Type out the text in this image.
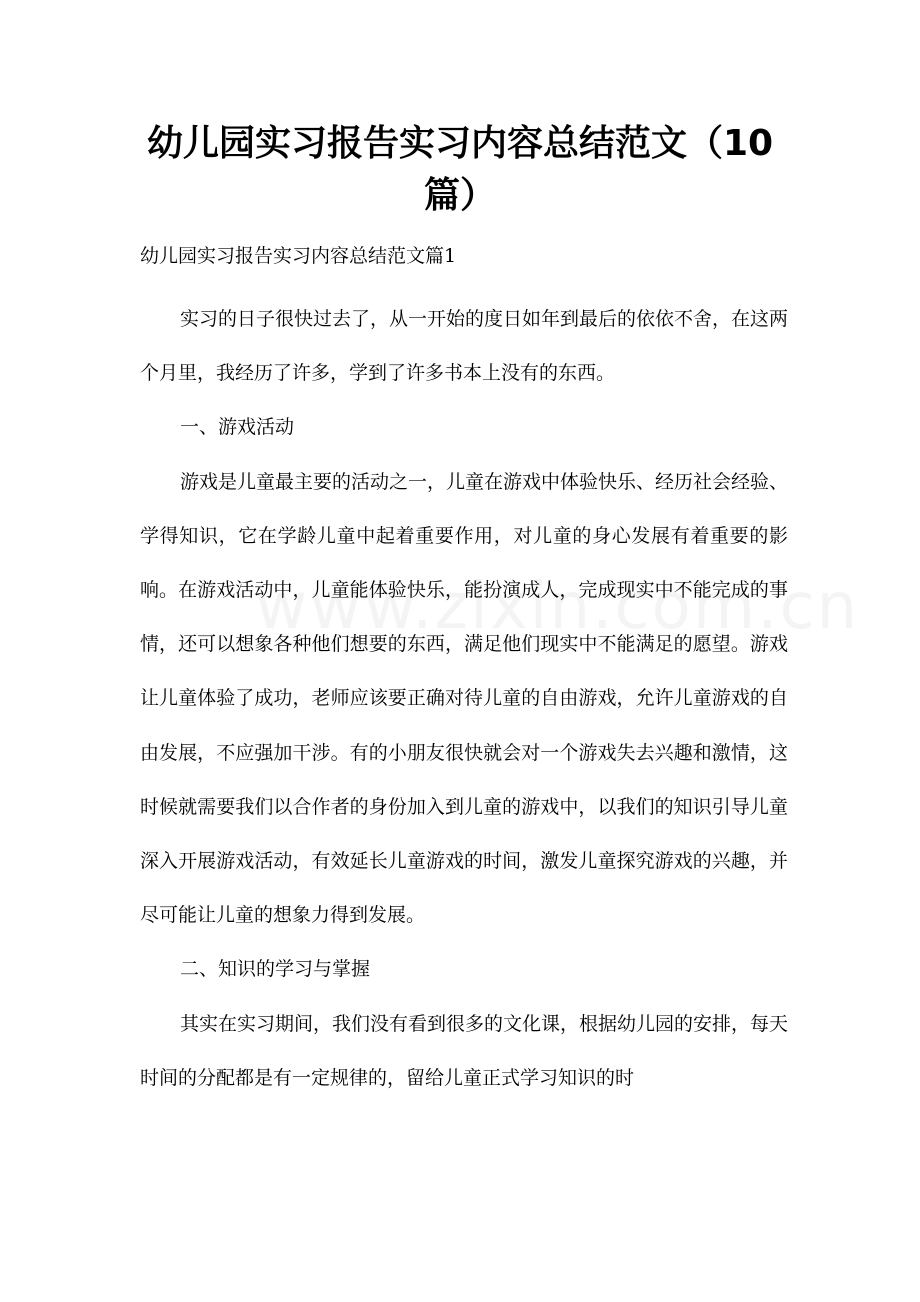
幼儿园实习报告实习内容总结范文（10篇）

幼儿园实习报告实习内容总结范文篇1

实习的日子很快过去了，从一开始的度日如年到最后的依依不舍，在这两个月里，我经历了许多，学到了许多书本上没有的东西。

一、游戏活动

游戏是儿童最主要的活动之一，儿童在游戏中体验快乐、经历社会经验、学得知识，它在学龄儿童中起着重要作用，对儿童的身心发展有着重要的影响。在游戏活动中，儿童能体验快乐，能扮演成人，完成现实中不能完成的事情，还可以想象各种他们想要的东西，满足他们现实中不能满足的愿望。游戏让儿童体验了成功，老师应该要正确对待儿童的自由游戏，允许儿童游戏的自由发展，不应强加干涉。有的小朋友很快就会对一个游戏失去兴趣和激情，这时候就需要我们以合作者的身份加入到儿童的游戏中，以我们的知识引导儿童深入开展游戏活动，有效延长儿童游戏的时间，激发儿童探究游戏的兴趣，并尽可能让儿童的想象力得到发展。

二、知识的学习与掌握

其实在实习期间，我们没有看到很多的文化课，根据幼儿园的安排，每天时间的分配都是有一定规律的，留给儿童正式学习知识的时
